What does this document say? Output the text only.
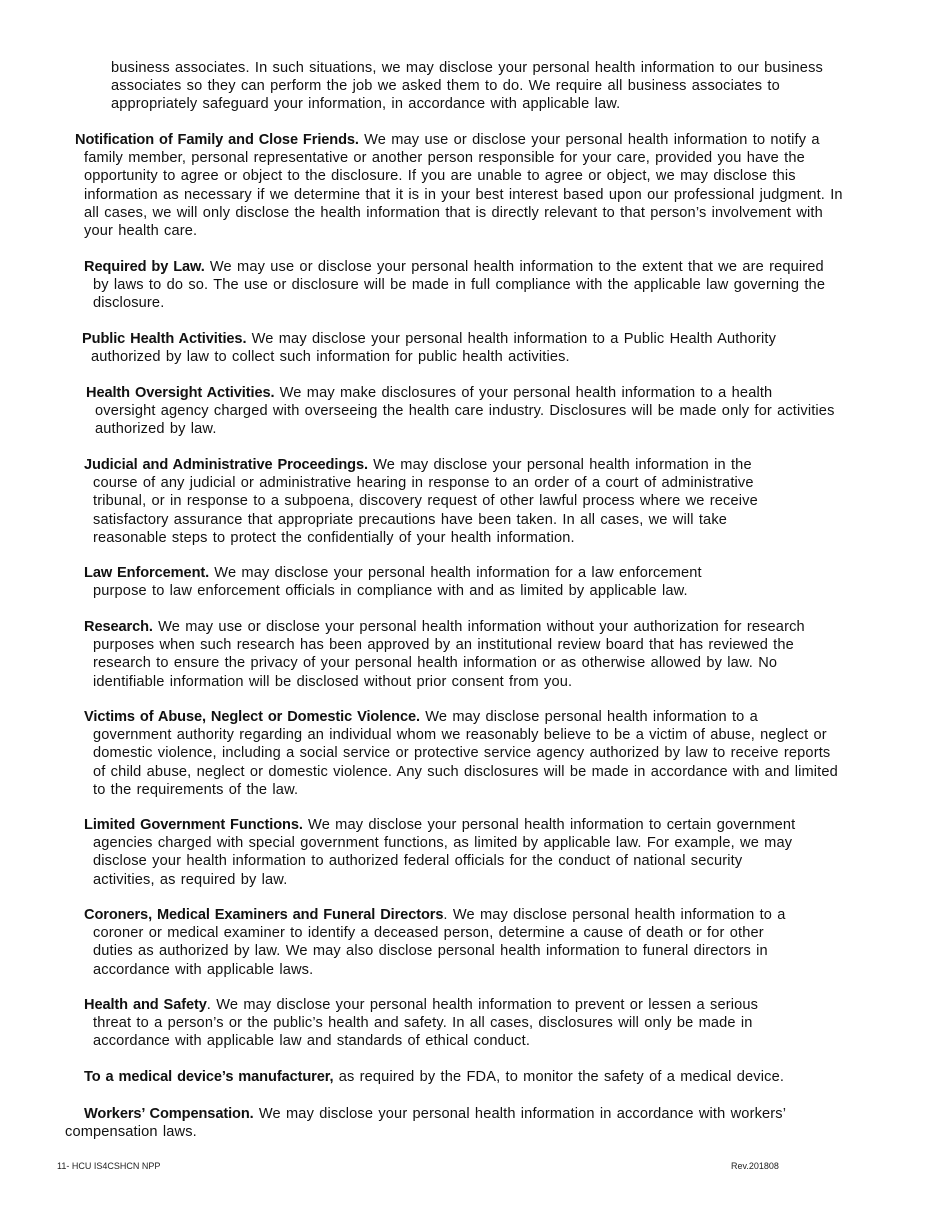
business associates. In such situations, we may disclose your personal health information to our business associates so they can perform the job we asked them to do. We require all business associates to appropriately safeguard your information, in accordance with applicable law.

Notification of Family and Close Friends. We may use or disclose your personal health information to notify a family member, personal representative or another person responsible for your care, provided you have the opportunity to agree or object to the disclosure. If you are unable to agree or object, we may disclose this information as necessary if we determine that it is in your best interest based upon our professional judgment. In all cases, we will only disclose the health information that is directly relevant to that person’s involvement with your health care.

Required by Law. We may use or disclose your personal health information to the extent that we are required by laws to do so. The use or disclosure will be made in full compliance with the applicable law governing the disclosure.

Public Health Activities. We may disclose your personal health information to a Public Health Authority authorized by law to collect such information for public health activities.

Health Oversight Activities. We may make disclosures of your personal health information to a health oversight agency charged with overseeing the health care industry. Disclosures will be made only for activities authorized by law.

Judicial and Administrative Proceedings. We may disclose your personal health information in the course of any judicial or administrative hearing in response to an order of a court of administrative tribunal, or in response to a subpoena, discovery request of other lawful process where we receive satisfactory assurance that appropriate precautions have been taken. In all cases, we will take reasonable steps to protect the confidentially of your health information.

Law Enforcement. We may disclose your personal health information for a law enforcement purpose to law enforcement officials in compliance with and as limited by applicable law.

Research. We may use or disclose your personal health information without your authorization for research purposes when such research has been approved by an institutional review board that has reviewed the research to ensure the privacy of your personal health information or as otherwise allowed by law. No identifiable information will be disclosed without prior consent from you.

Victims of Abuse, Neglect or Domestic Violence. We may disclose personal health information to a government authority regarding an individual whom we reasonably believe to be a victim of abuse, neglect or domestic violence, including a social service or protective service agency authorized by law to receive reports of child abuse, neglect or domestic violence. Any such disclosures will be made in accordance with and limited to the requirements of the law.

Limited Government Functions. We may disclose your personal health information to certain government agencies charged with special government functions, as limited by applicable law. For example, we may disclose your health information to authorized federal officials for the conduct of national security activities, as required by law.

Coroners, Medical Examiners and Funeral Directors. We may disclose personal health information to a coroner or medical examiner to identify a deceased person, determine a cause of death or for other duties as authorized by law. We may also disclose personal health information to funeral directors in accordance with applicable laws.

Health and Safety. We may disclose your personal health information to prevent or lessen a serious threat to a person’s or the public’s health and safety. In all cases, disclosures will only be made in accordance with applicable law and standards of ethical conduct.

To a medical device’s manufacturer, as required by the FDA, to monitor the safety of a medical device.

Workers’ Compensation. We may disclose your personal health information in accordance with workers’ compensation laws.

11- HCU IS4CSHCN NPP	Rev.201808
